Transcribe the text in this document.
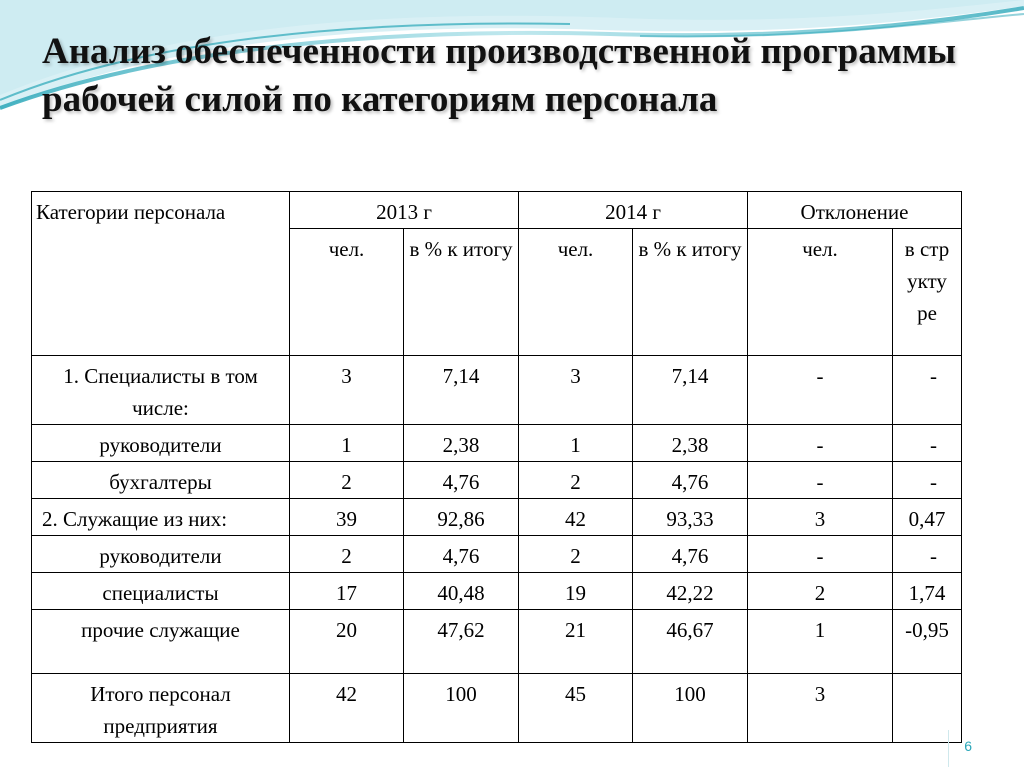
Анализ обеспеченности производственной программы рабочей силой по категориям персонала
Категории персонала	2013 г		2014 г		Отклонение	
	чел.	в % к итогу	чел.	в % к итогу	чел.	в структуре
1. Специалисты в том числе:	3	7,14	3	7,14	-	-
руководители	1	2,38	1	2,38	-	-
бухгалтеры	2	4,76	2	4,76	-	-
2. Служащие из них:	39	92,86	42	93,33	3	0,47
руководители	2	4,76	2	4,76	-	-
специалисты	17	40,48	19	42,22	2	1,74
прочие служащие	20	47,62	21	46,67	1	-0,95
Итого персонал предприятия	42	100	45	100	3	
6
